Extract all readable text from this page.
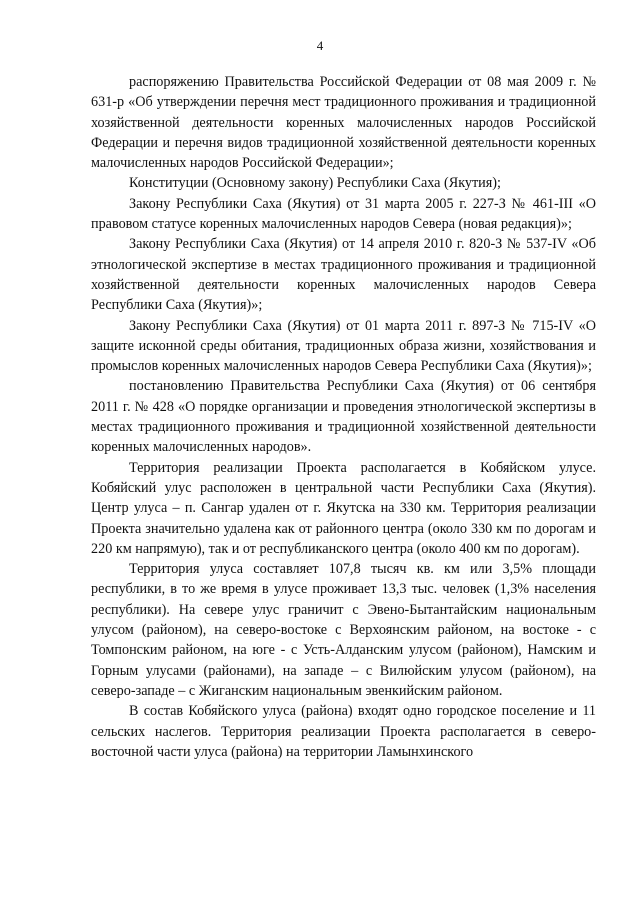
4

распоряжению Правительства Российской Федерации от 08 мая 2009 г. № 631-р «Об утверждении перечня мест традиционного проживания и традиционной хозяйственной деятельности коренных малочисленных народов Российской Федерации и перечня видов традиционной хозяйственной деятельности коренных малочисленных народов Российской Федерации»;

Конституции (Основному закону) Республики Саха (Якутия);

Закону Республики Саха (Якутия) от 31 марта 2005 г. 227-З № 461-III «О правовом статусе коренных малочисленных народов Севера (новая редакция)»;

Закону Республики Саха (Якутия) от 14 апреля 2010 г. 820-З № 537-IV «Об этнологической экспертизе в местах традиционного проживания и традиционной хозяйственной деятельности коренных малочисленных народов Севера Республики Саха (Якутия)»;

Закону Республики Саха (Якутия) от 01 марта 2011 г. 897-З № 715-IV «О защите исконной среды обитания, традиционных образа жизни, хозяйствования и промыслов коренных малочисленных народов Севера Республики Саха (Якутия)»;

постановлению Правительства Республики Саха (Якутия) от 06 сентября 2011 г. № 428 «О порядке организации и проведения этнологической экспертизы в местах традиционного проживания и традиционной хозяйственной деятельности коренных малочисленных народов».

Территория реализации Проекта располагается в Кобяйском улусе. Кобяйский улус расположен в центральной части Республики Саха (Якутия). Центр улуса – п. Сангар удален от г. Якутска на 330 км. Территория реализации Проекта значительно удалена как от районного центра (около 330 км по дорогам и 220 км напрямую), так и от республиканского центра (около 400 км по дорогам).

Территория улуса составляет 107,8 тысяч кв. км или 3,5% площади республики, в то же время в улусе проживает 13,3 тыс. человек (1,3% населения республики). На севере улус граничит с Эвено-Бытантайским национальным улусом (районом), на северо-востоке с Верхоянским районом, на востоке - с Томпонским районом, на юге - с Усть-Алданским улусом (районом), Намским и Горным улусами (районами), на западе – с Вилюйским улусом (районом), на северо-западе – с Жиганским национальным эвенкийским районом.

В состав Кобяйского улуса (района) входят одно городское поселение и 11 сельских наслегов. Территория реализации Проекта располагается в северо-восточной части улуса (района) на территории Ламынхинского
